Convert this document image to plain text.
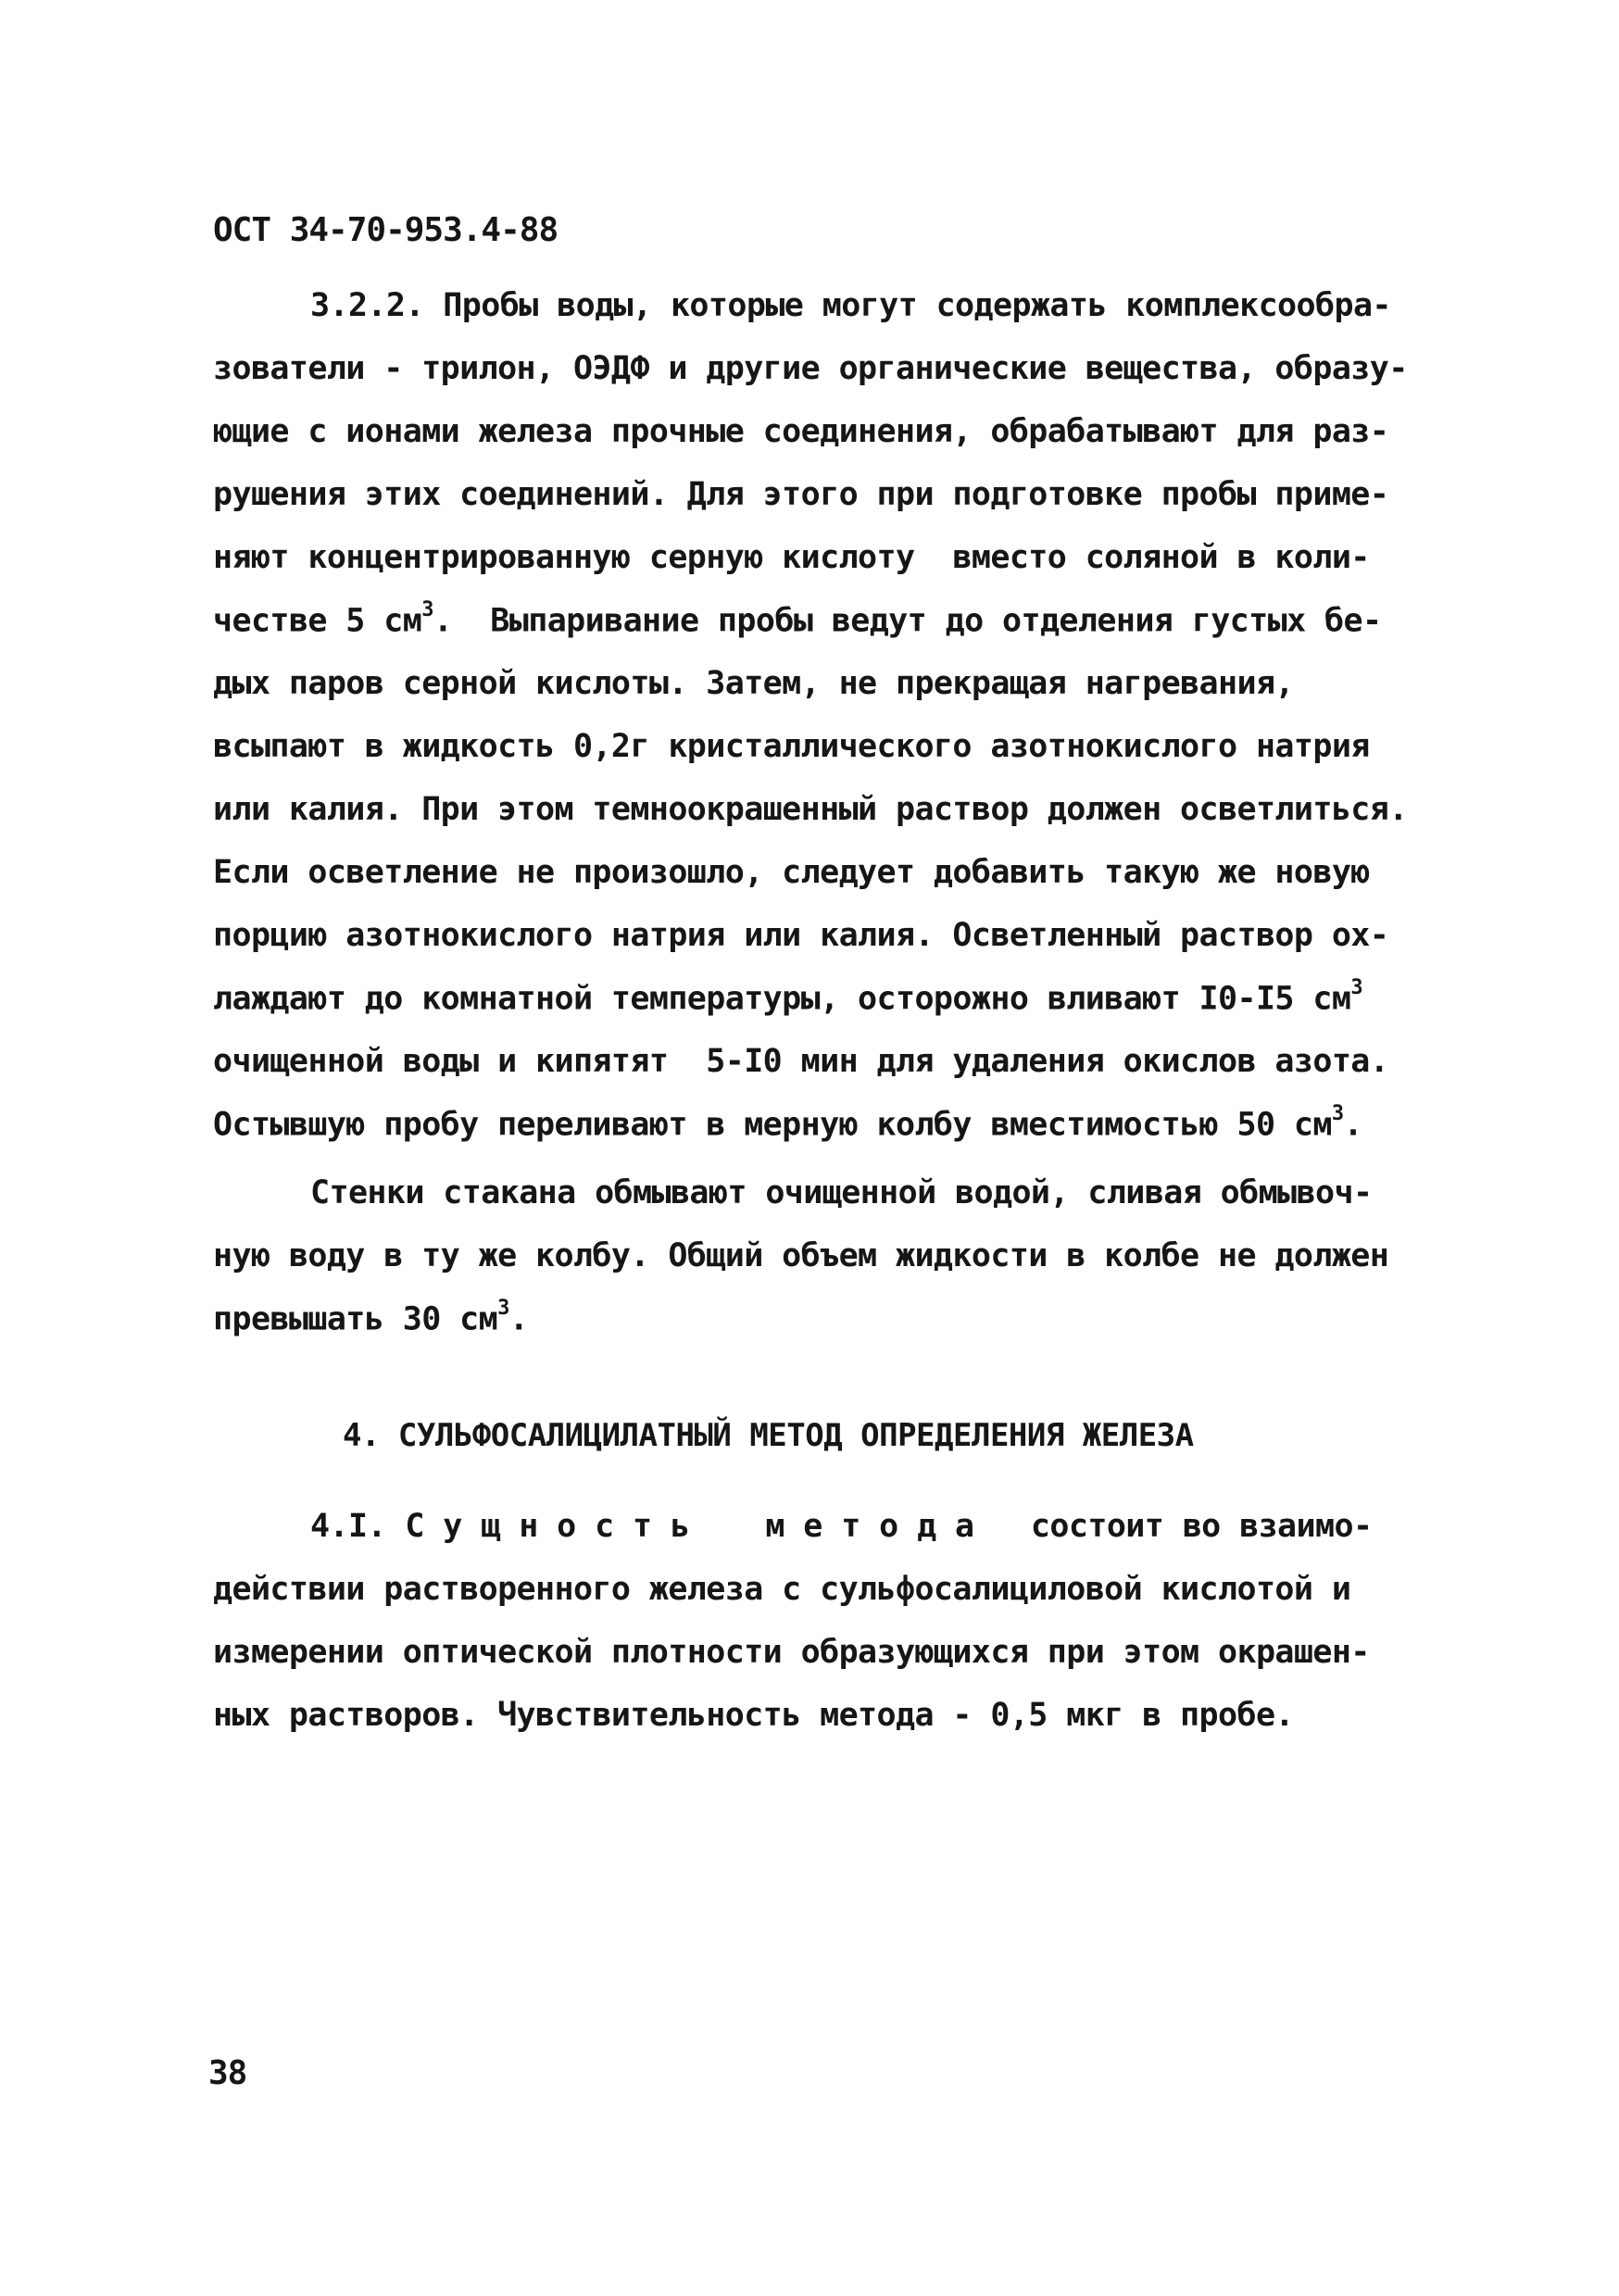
ОСТ 34-70-953.4-88
3.2.2. Пробы воды, которые могут содержать комплексообра-
зователи - трилон, ОЭДФ и другие органические вещества, образу-
ющие с ионами железа прочные соединения, обрабатывают для раз-
рушения этих соединений. Для этого при подготовке пробы приме-
няют концентрированную серную кислоту  вместо соляной в коли-
честве 5 $см^3$.  Выпаривание пробы ведут до отделения густых бе-
дых паров серной кислоты. Затем, не прекращая нагревания,
всыпают в жидкость 0,2г кристаллического азотнокислого натрия
или калия. При этом темноокрашенный раствор должен осветлиться.
Если осветление не произошло, следует добавить такую же новую
порцию азотнокислого натрия или калия. Осветленный раствор ох-
лаждают до комнатной температуры, осторожно вливают I0-I5 $см^3$
очищенной воды и кипятят  5-I0 мин для удаления окислов азота.
Остывшую пробу переливают в мерную колбу вместимостью 50 $см^3$.
Стенки стакана обмывают очищенной водой, сливая обмывоч-
ную воду в ту же колбу. Общий объем жидкости в колбе не должен
превышать 30 $см^3$.
4. СУЛЬФОСАЛИЦИЛАТНЫЙ МЕТОД ОПРЕДЕЛЕНИЯ ЖЕЛЕЗА
4.I. С у щ н о с т ь    м е т о д а   состоит во взаимо-
действии растворенного железа с сульфосалициловой кислотой и
измерении оптической плотности образующихся при этом окрашен-
ных растворов. Чувствительность метода - 0,5 мкг в пробе.
38
